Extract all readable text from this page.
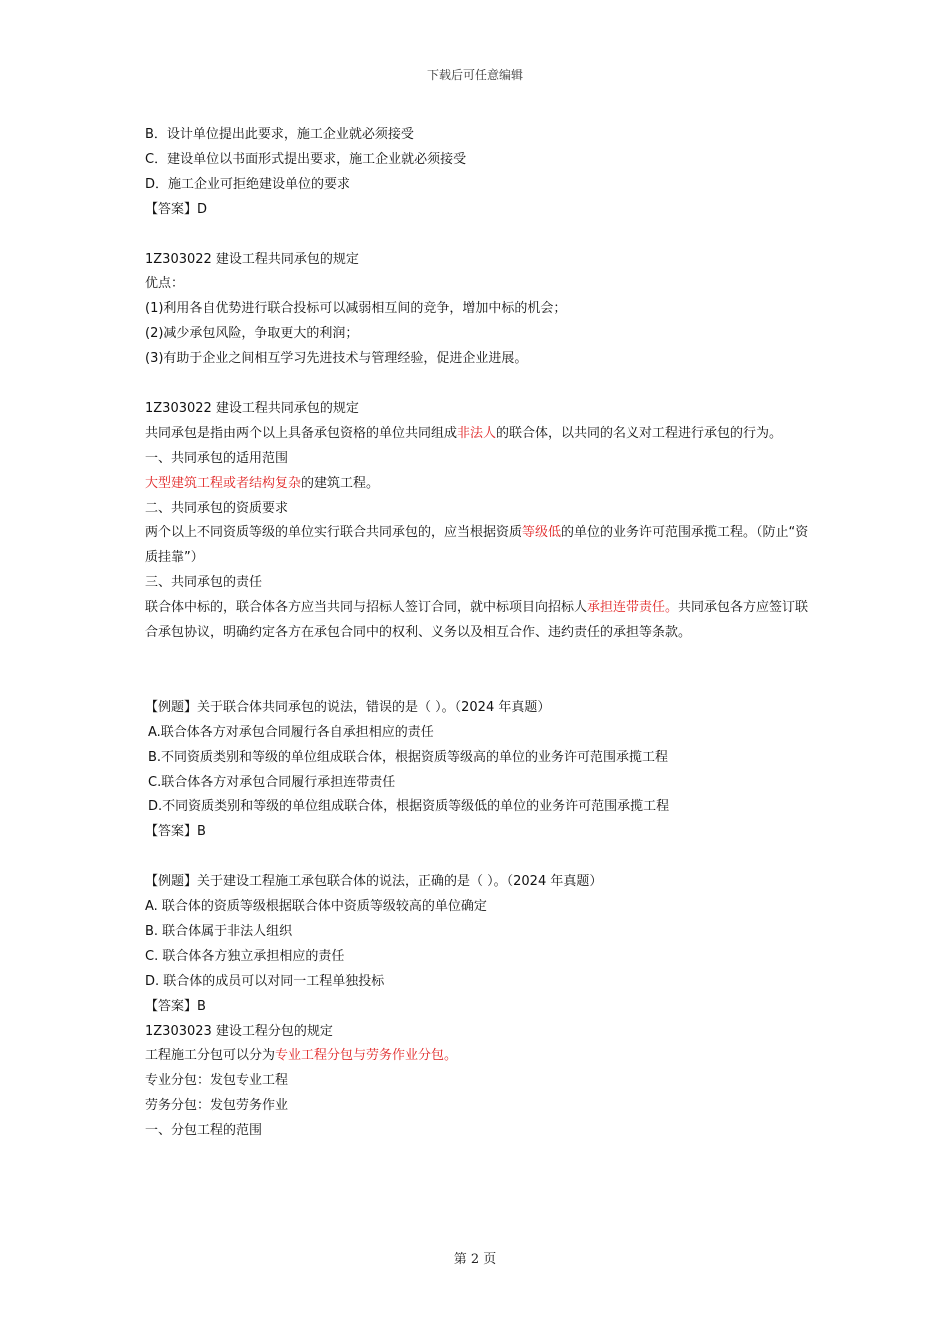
下载后可任意编辑
B．设计单位提出此要求，施工企业就必须接受
C．建设单位以书面形式提出要求，施工企业就必须接受
D．施工企业可拒绝建设单位的要求
【答案】D
1Z303022 建设工程共同承包的规定
优点：
(1)利用各自优势进行联合投标可以减弱相互间的竞争，增加中标的机会；
(2)减少承包风险，争取更大的利润；
(3)有助于企业之间相互学习先进技术与管理经验，促进企业进展。
1Z303022 建设工程共同承包的规定
共同承包是指由两个以上具备承包资格的单位共同组成非法人的联合体，以共同的名义对工程进行承包的行为。
一、共同承包的适用范围
大型建筑工程或者结构复杂的建筑工程。
二、共同承包的资质要求
两个以上不同资质等级的单位实行联合共同承包的，应当根据资质等级低的单位的业务许可范围承揽工程。（防止“资质挂靠”）
三、共同承包的责任
联合体中标的，联合体各方应当共同与招标人签订合同，就中标项目向招标人承担连带责任。共同承包各方应签订联合承包协议，明确约定各方在承包合同中的权利、义务以及相互合作、违约责任的承担等条款。
【例题】关于联合体共同承包的说法，错误的是（ ）。（2024 年真题）
A.联合体各方对承包合同履行各自承担相应的责任
B.不同资质类别和等级的单位组成联合体，根据资质等级高的单位的业务许可范围承揽工程
C.联合体各方对承包合同履行承担连带责任
D.不同资质类别和等级的单位组成联合体，根据资质等级低的单位的业务许可范围承揽工程
【答案】B
【例题】关于建设工程施工承包联合体的说法，正确的是（ ）。（2024 年真题）
A. 联合体的资质等级根据联合体中资质等级较高的单位确定
B. 联合体属于非法人组织
C. 联合体各方独立承担相应的责任
D. 联合体的成员可以对同一工程单独投标
【答案】B
1Z303023 建设工程分包的规定
工程施工分包可以分为专业工程分包与劳务作业分包。
专业分包：发包专业工程
劳务分包：发包劳务作业
一、分包工程的范围
第 2 页
